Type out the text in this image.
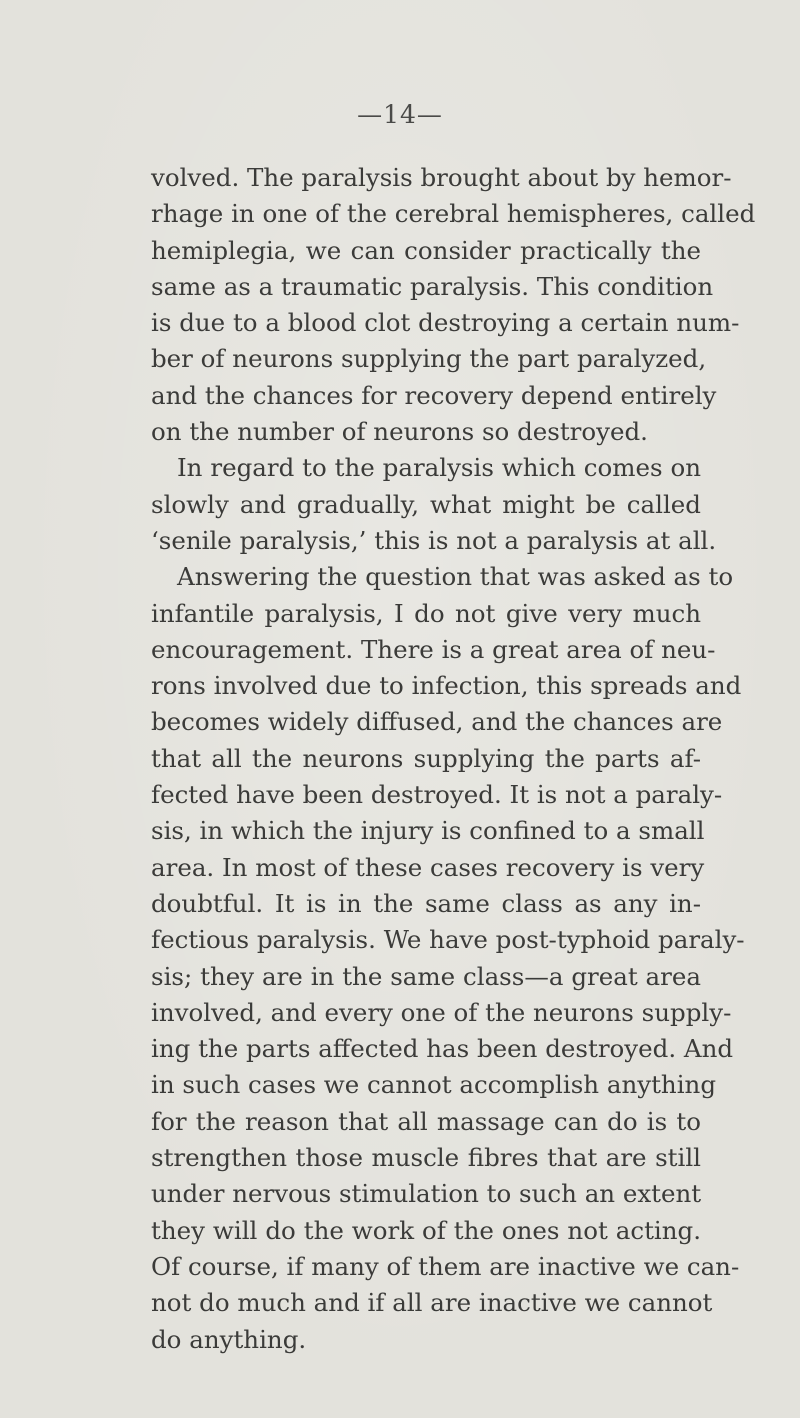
—14—
volved. The paralysis brought about by hemor-
rhage in one of the cerebral hemispheres, called
hemiplegia, we can consider practically the
same as a traumatic paralysis. This condition
is due to a blood clot destroying a certain num-
ber of neurons supplying the part paralyzed,
and the chances for recovery depend entirely
on the number of neurons so destroyed.
In regard to the paralysis which comes on
slowly and gradually, what might be called
‘senile paralysis,’ this is not a paralysis at all.
Answering the question that was asked as to
infantile paralysis, I do not give very much
encouragement. There is a great area of neu-
rons involved due to infection, this spreads and
becomes widely diffused, and the chances are
that all the neurons supplying the parts af-
fected have been destroyed. It is not a paraly-
sis, in which the injury is confined to a small
area. In most of these cases recovery is very
doubtful. It is in the same class as any in-
fectious paralysis. We have post-typhoid paraly-
sis; they are in the same class—a great area
involved, and every one of the neurons supply-
ing the parts affected has been destroyed. And
in such cases we cannot accomplish anything
for the reason that all massage can do is to
strengthen those muscle fibres that are still
under nervous stimulation to such an extent
they will do the work of the ones not acting.
Of course, if many of them are inactive we can-
not do much and if all are inactive we cannot
do anything.
